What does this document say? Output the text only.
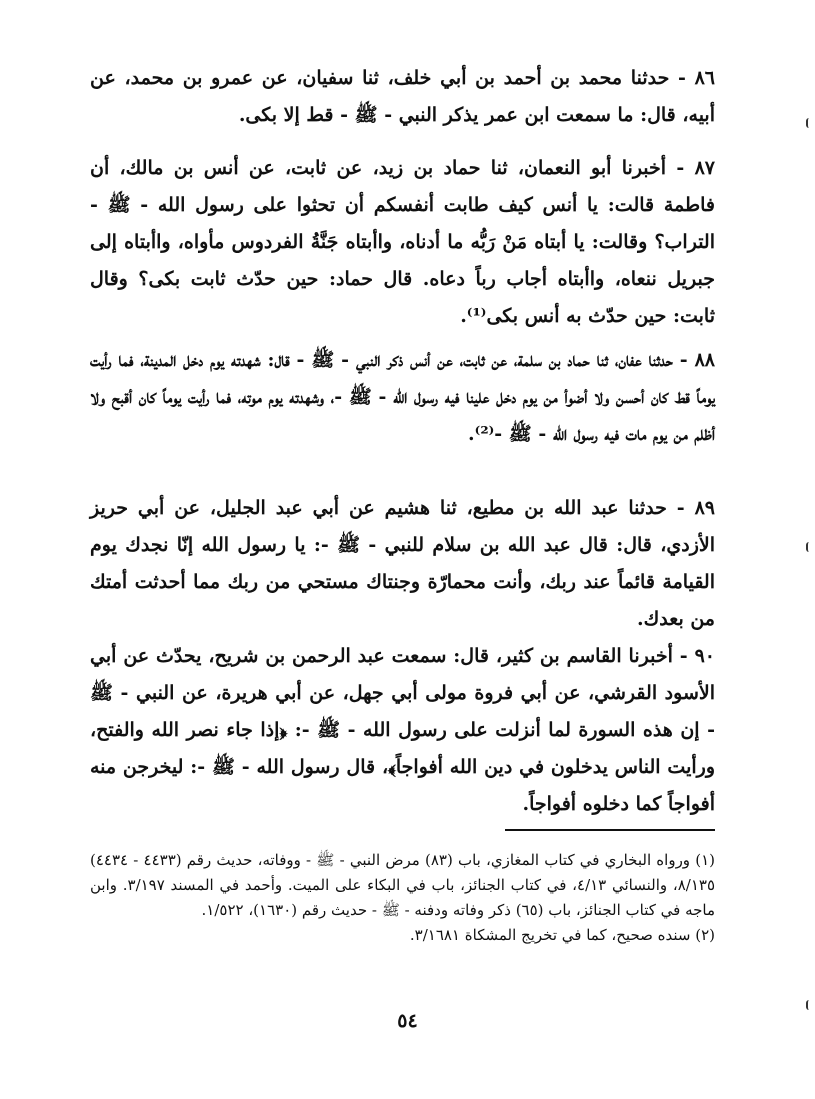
٨٦ - حدثنا محمد بن أحمد بن أبي خلف، ثنا سفيان، عن عمرو بن محمد، عن أبيه، قال: ما سمعت ابن عمر يذكر النبي - ﷺ - قط إلا بكى.

٨٧ - أخبرنا أبو النعمان، ثنا حماد بن زيد، عن ثابت، عن أنس بن مالك، أن فاطمة قالت: يا أنس كيف طابت أنفسكم أن تحثوا على رسول الله - ﷺ - التراب؟ وقالت: يا أبتاه مَنْ رَبُّه ما أدناه، واأبتاه جَنَّةُ الفردوس مأواه، واأبتاه إلى جبريل ننعاه، واأبتاه أجاب رباً دعاه. قال حماد: حين حدّث ثابت بكى؟ وقال ثابت: حين حدّث به أنس بكى⁽¹⁾.

٨٨ - حدثنا عفان، ثنا حماد بن سلمة، عن ثابت، عن أنس ذكر النبي - ﷺ - قال: شهدته يوم دخل المدينة، فما رأيت يوماً قط كان أحسن ولا أضوأ من يوم دخل علينا فيه رسول الله - ﷺ -، وشهدته يوم موته، فما رأيت يوماً كان أقبح ولا أظلم من يوم مات فيه رسول الله - ﷺ -⁽²⁾.

٨٩ - حدثنا عبد الله بن مطيع، ثنا هشيم عن أبي عبد الجليل، عن أبي حريز الأزدي، قال: قال عبد الله بن سلام للنبي - ﷺ -: يا رسول الله إنّا نجدك يوم القيامة قائماً عند ربك، وأنت محمارّة وجنتاك مستحي من ربك مما أحدثت أمتك من بعدك.

٩٠ - أخبرنا القاسم بن كثير، قال: سمعت عبد الرحمن بن شريح، يحدّث عن أبي الأسود القرشي، عن أبي فروة مولى أبي جهل، عن أبي هريرة، عن النبي - ﷺ - إن هذه السورة لما أنزلت على رسول الله - ﷺ -: ﴿إذا جاء نصر الله والفتح، ورأيت الناس يدخلون في دين الله أفواجاً﴾، قال رسول الله - ﷺ -: ليخرجن منه أفواجاً كما دخلوه أفواجاً.

(١) ورواه البخاري في كتاب المغازي، باب (٨٣) مرض النبي - ﷺ - ووفاته، حديث رقم (٤٤٣٣ - ٤٤٣٤) ٨/١٣٥، والنسائي ٤/١٣، في كتاب الجنائز، باب في البكاء على الميت. وأحمد في المسند ٣/١٩٧. وابن ماجه في كتاب الجنائز، باب (٦٥) ذكر وفاته ودفنه - ﷺ - حديث رقم (١٦٣٠)، ١/٥٢٢.

(٢) سنده صحيح، كما في تخريج المشكاة ٣/١٦٨١.

٥٤
